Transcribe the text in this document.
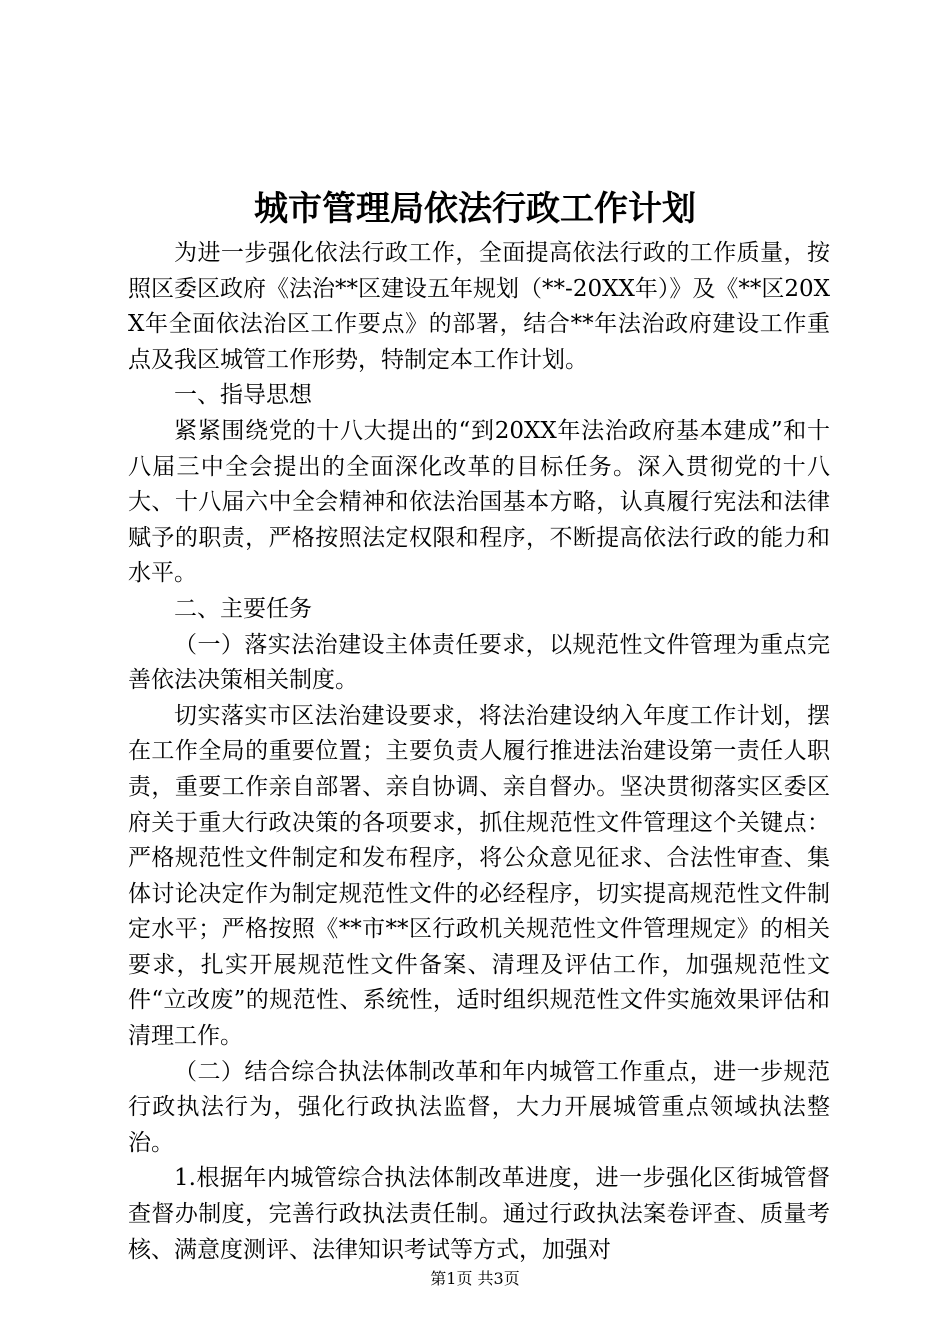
城市管理局依法行政工作计划

为进一步强化依法行政工作，全面提高依法行政的工作质量，按照区委区政府《法治**区建设五年规划（**-20XX年）》及《**区20XX年全面依法治区工作要点》的部署，结合**年法治政府建设工作重点及我区城管工作形势，特制定本工作计划。

一、指导思想

紧紧围绕党的十八大提出的“到20XX年法治政府基本建成”和十八届三中全会提出的全面深化改革的目标任务。深入贯彻党的十八大、十八届六中全会精神和依法治国基本方略，认真履行宪法和法律赋予的职责，严格按照法定权限和程序，不断提高依法行政的能力和水平。

二、主要任务

（一）落实法治建设主体责任要求，以规范性文件管理为重点完善依法决策相关制度。

切实落实市区法治建设要求，将法治建设纳入年度工作计划，摆在工作全局的重要位置；主要负责人履行推进法治建设第一责任人职责，重要工作亲自部署、亲自协调、亲自督办。坚决贯彻落实区委区府关于重大行政决策的各项要求，抓住规范性文件管理这个关键点：严格规范性文件制定和发布程序，将公众意见征求、合法性审查、集体讨论决定作为制定规范性文件的必经程序，切实提高规范性文件制定水平；严格按照《**市**区行政机关规范性文件管理规定》的相关要求，扎实开展规范性文件备案、清理及评估工作，加强规范性文件“立改废”的规范性、系统性，适时组织规范性文件实施效果评估和清理工作。

（二）结合综合执法体制改革和年内城管工作重点，进一步规范行政执法行为，强化行政执法监督，大力开展城管重点领域执法整治。

1.根据年内城管综合执法体制改革进度，进一步强化区街城管督查督办制度，完善行政执法责任制。通过行政执法案卷评查、质量考核、满意度测评、法律知识考试等方式，加强对

第1页 共3页
